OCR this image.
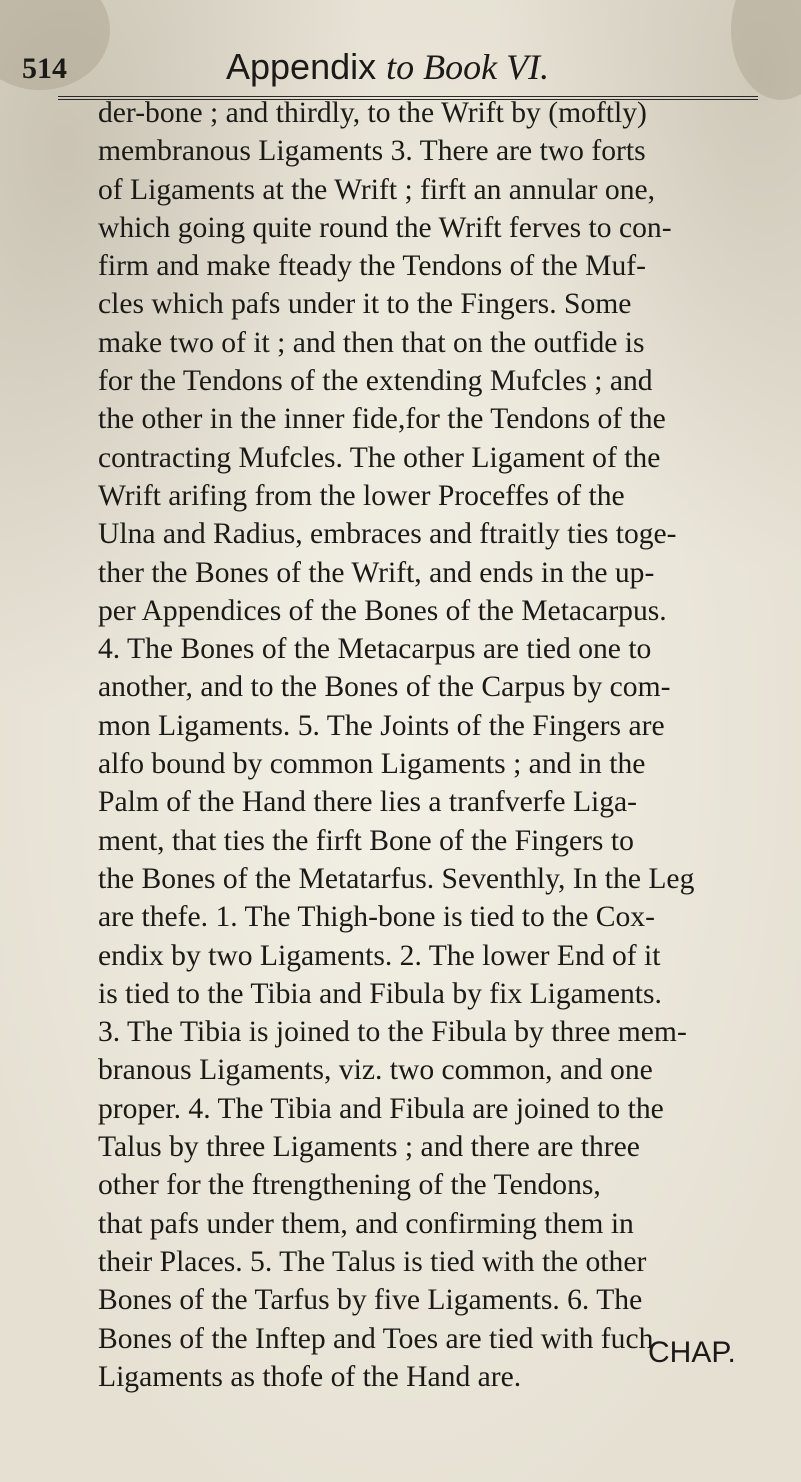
514	Appendix to Book VI.
der-bone ; and thirdly, to the Wrift by (moftly)
membranous Ligaments 3. There are two forts
of Ligaments at the Wrift ; firft an annular one,
which going quite round the Wrift ferves to con-
firm and make fteady the Tendons of the Muf-
cles which pafs under it to the Fingers. Some
make two of it ; and then that on the outfide is
for the Tendons of the extending Mufcles ; and
the other in the inner fide,for the Tendons of the
contracting Mufcles. The other Ligament of the
Wrift arifing from the lower Proceffes of the
Ulna and Radius, embraces and ftraitly ties toge-
ther the Bones of the Wrift, and ends in the up-
per Appendices of the Bones of the Metacarpus.
4. The Bones of the Metacarpus are tied one to
another, and to the Bones of the Carpus by com-
mon Ligaments. 5. The Joints of the Fingers are
alfo bound by common Ligaments ; and in the
Palm of the Hand there lies a tranfverfe Liga-
ment, that ties the firft Bone of the Fingers to
the Bones of the Metatarfus. Seventhly, In the Leg
are thefe. 1. The Thigh-bone is tied to the Cox-
endix by two Ligaments. 2. The lower End of it
is tied to the Tibia and Fibula by fix Ligaments.
3. The Tibia is joined to the Fibula by three mem-
branous Ligaments, viz. two common, and one
proper. 4. The Tibia and Fibula are joined to the
Talus by three Ligaments ; and there are three
other for the ftrengthening of the Tendons,
that pafs under them, and confirming them in
their Places. 5. The Talus is tied with the other
Bones of the Tarfus by five Ligaments. 6. The
Bones of the Inftep and Toes are tied with fuch
Ligaments as thofe of the Hand are.
CHAP.
